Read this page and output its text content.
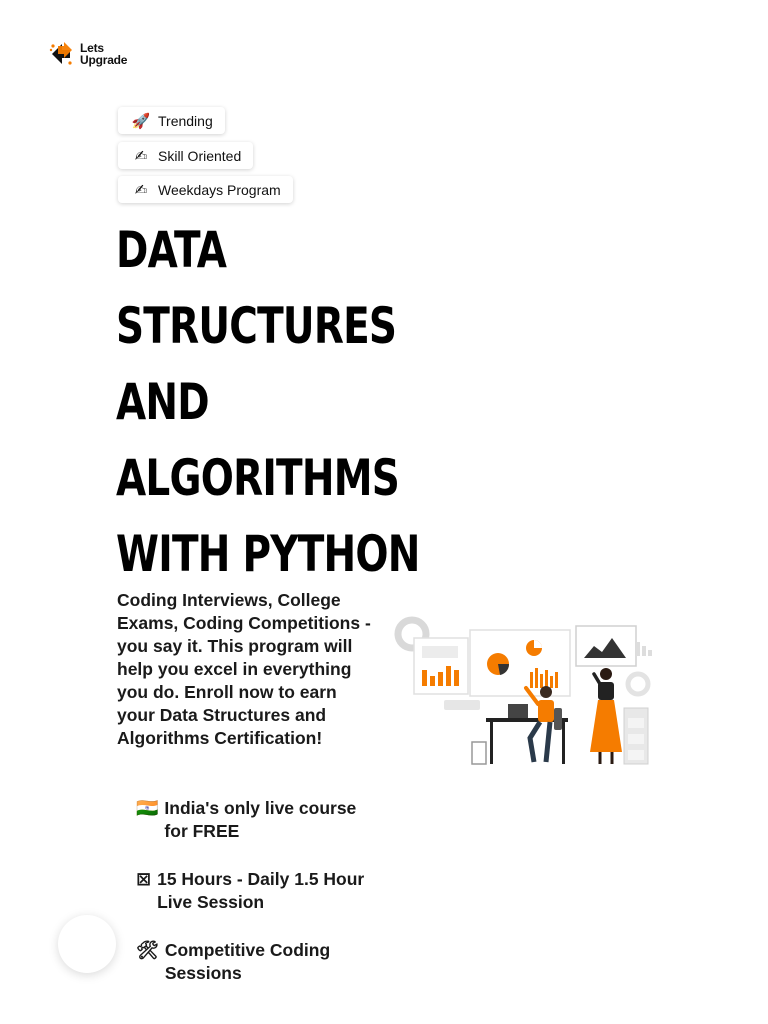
Lets
Upgrade
🚀 Trending
✍ Skill Oriented
✍ Weekdays Program
DATA
STRUCTURES
AND
ALGORITHMS
WITH PYTHON

Coding Interviews, College Exams, Coding Competitions - you say it. This program will help you excel in everything you do. Enroll now to earn your Data Structures and Algorithms Certification!

🇮🇳 India's only live course for FREE
⊠ 15 Hours - Daily 1.5 Hour Live Session
🛠 Competitive Coding Sessions
